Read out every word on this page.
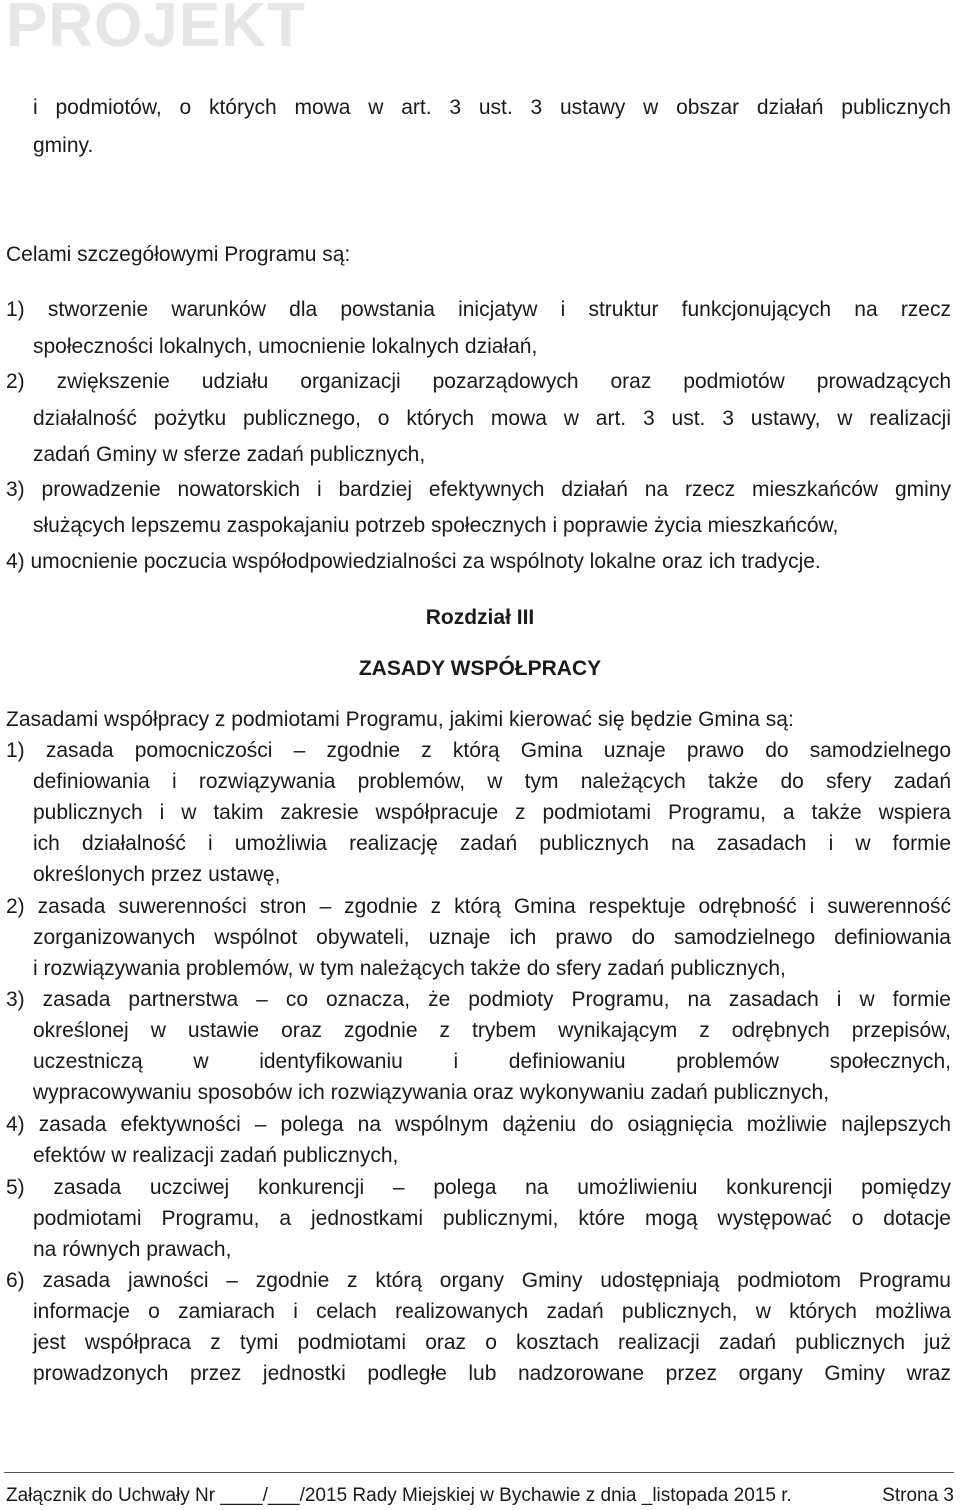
PROJEKT
i podmiotów, o których mowa w art. 3 ust. 3 ustawy w obszar działań publicznych
gminy.
Celami szczegółowymi Programu są:
1) stworzenie warunków dla powstania inicjatyw i struktur funkcjonujących na rzecz
społeczności lokalnych, umocnienie lokalnych działań,
2) zwiększenie udziału organizacji pozarządowych oraz podmiotów prowadzących
działalność pożytku publicznego, o których mowa w art. 3 ust. 3 ustawy, w realizacji
zadań Gminy w sferze zadań publicznych,
3) prowadzenie nowatorskich i bardziej efektywnych działań na rzecz mieszkańców gminy
służących lepszemu zaspokajaniu potrzeb społecznych i poprawie życia mieszkańców,
4) umocnienie poczucia współodpowiedzialności za wspólnoty lokalne oraz ich tradycje.
Rozdział III
ZASADY WSPÓŁPRACY
Zasadami współpracy z podmiotami Programu, jakimi kierować się będzie Gmina są:
1) zasada pomocniczości – zgodnie z którą Gmina uznaje prawo do samodzielnego
definiowania i rozwiązywania problemów, w tym należących także do sfery zadań
publicznych i w takim zakresie współpracuje z podmiotami Programu, a także wspiera
ich działalność i umożliwia realizację zadań publicznych na zasadach i w formie
określonych przez ustawę,
2) zasada suwerenności stron – zgodnie z którą Gmina respektuje odrębność i suwerenność
zorganizowanych wspólnot obywateli, uznaje ich prawo do samodzielnego definiowania
i rozwiązywania problemów, w tym należących także do sfery zadań publicznych,
3) zasada partnerstwa – co oznacza, że podmioty Programu, na zasadach i w formie
określonej w ustawie oraz zgodnie z trybem wynikającym z odrębnych przepisów,
uczestniczą w identyfikowaniu i definiowaniu problemów społecznych,
wypracowywaniu sposobów ich rozwiązywania oraz wykonywaniu zadań publicznych,
4) zasada efektywności – polega na wspólnym dążeniu do osiągnięcia możliwie najlepszych
efektów w realizacji zadań publicznych,
5) zasada uczciwej konkurencji – polega na umożliwieniu konkurencji pomiędzy
podmiotami Programu, a jednostkami publicznymi, które mogą występować o dotacje
na równych prawach,
6) zasada jawności – zgodnie z którą organy Gminy udostępniają podmiotom Programu
informacje o zamiarach i celach realizowanych zadań publicznych, w których możliwa
jest współpraca z tymi podmiotami oraz o kosztach realizacji zadań publicznych już
prowadzonych przez jednostki podległe lub nadzorowane przez organy Gminy wraz
Załącznik do Uchwały Nr ____/___/2015 Rady Miejskiej w Bychawie z dnia _listopada 2015 r.	Strona 3
